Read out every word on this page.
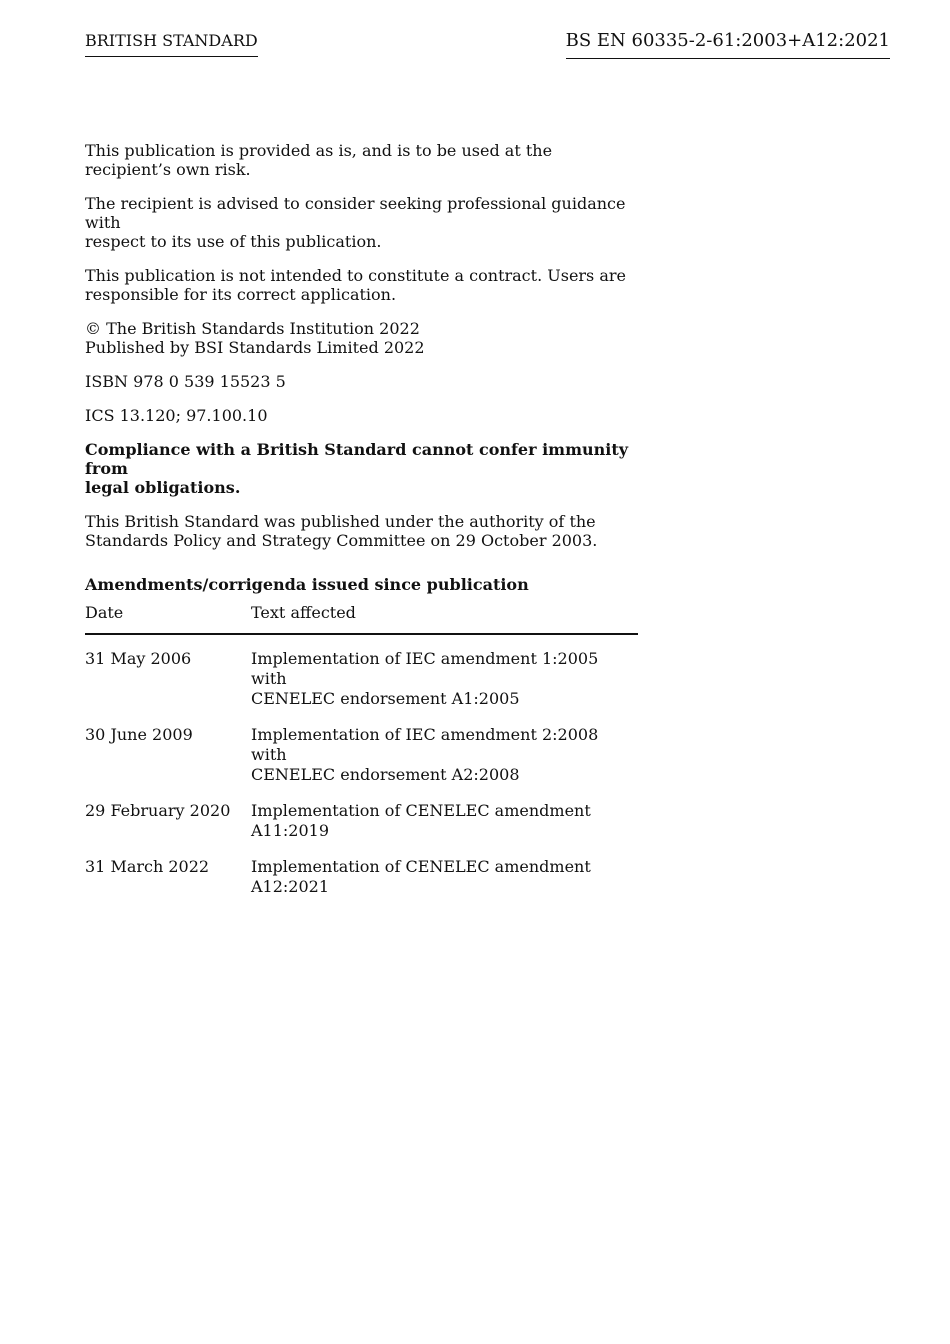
BRITISH STANDARD	BS EN 60335-2-61:2003+A12:2021

This publication is provided as is, and is to be used at the
recipient’s own risk.

The recipient is advised to consider seeking professional guidance with
respect to its use of this publication.

This publication is not intended to constitute a contract. Users are
responsible for its correct application.

© The British Standards Institution 2022
Published by BSI Standards Limited 2022

ISBN 978 0 539 15523 5

ICS 13.120; 97.100.10

Compliance with a British Standard cannot confer immunity from
legal obligations.

This British Standard was published under the authority of the
Standards Policy and Strategy Committee on 29 October 2003.

Amendments/corrigenda issued since publication
Date	Text affected
31 May 2006	Implementation of IEC amendment 1:2005 with
CENELEC endorsement A1:2005

30 June 2009	Implementation of IEC amendment 2:2008 with
CENELEC endorsement A2:2008

29 February 2020	Implementation of CENELEC amendment A11:2019

31 March 2022	Implementation of CENELEC amendment A12:2021
